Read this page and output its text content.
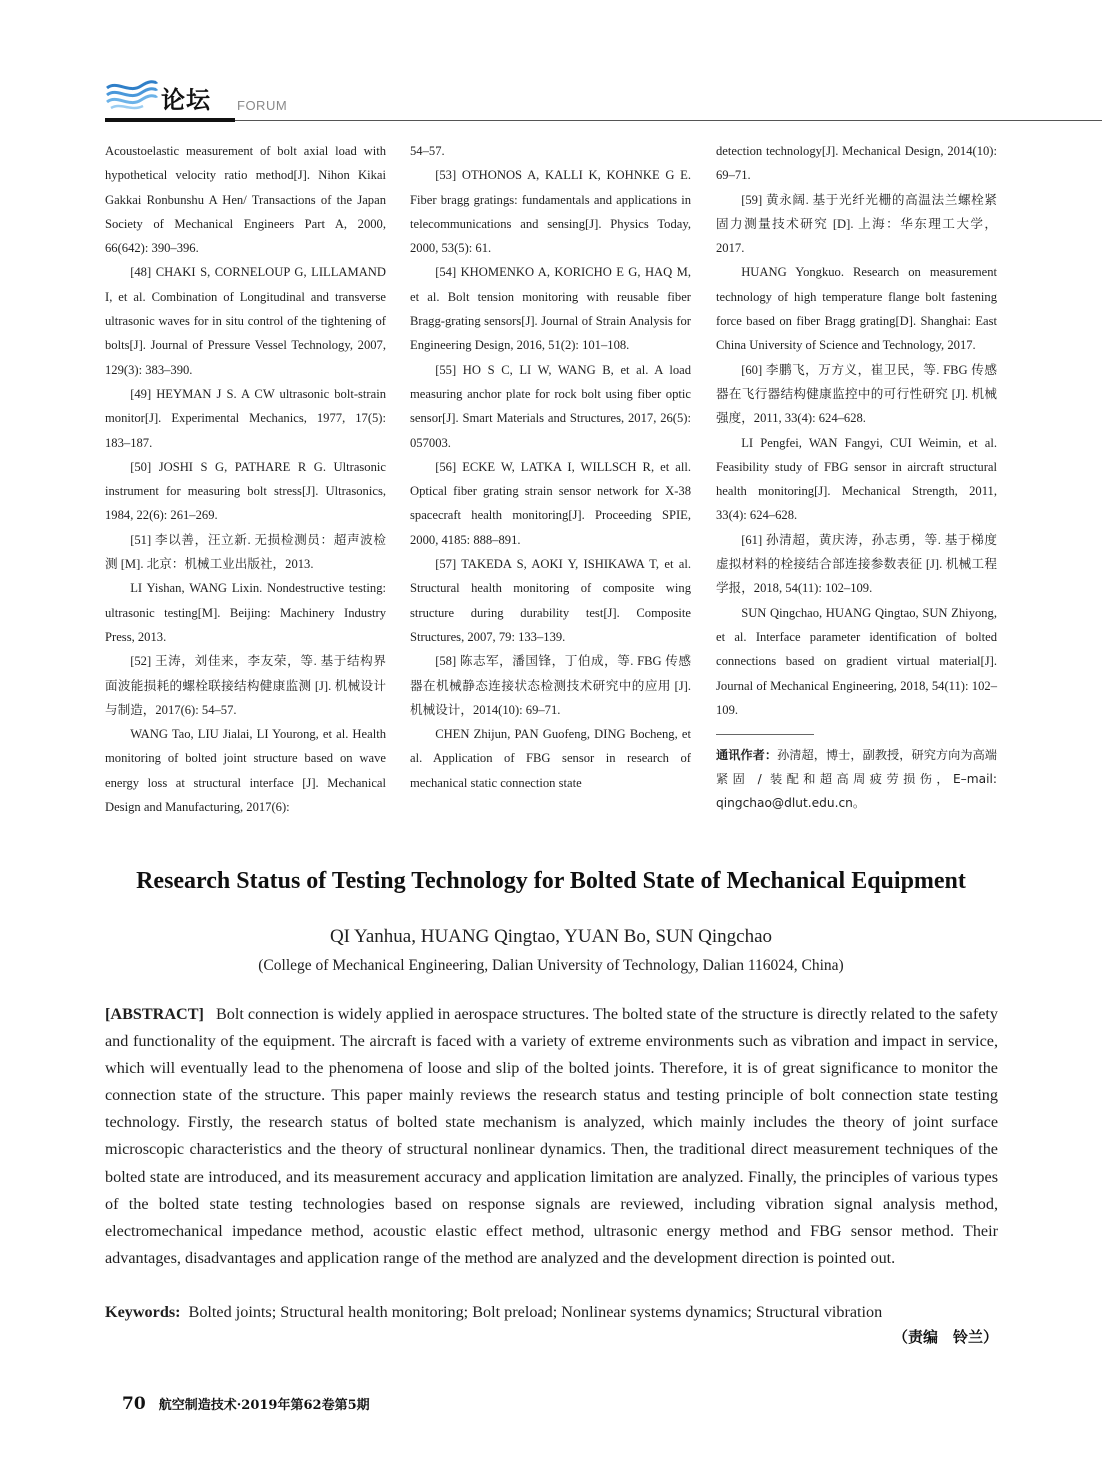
论坛 FORUM

Acoustoelastic measurement of bolt axial load with hypothetical velocity ratio method[J]. Nihon Kikai Gakkai Ronbunshu A Hen/ Transactions of the Japan Society of Mechanical Engineers Part A, 2000, 66(642): 390–396.

[48] CHAKI S, CORNELOUP G, LILLAMAND I, et al. Combination of Longitudinal and transverse ultrasonic waves for in situ control of the tightening of bolts[J]. Journal of Pressure Vessel Technology, 2007, 129(3): 383–390.

[49] HEYMAN J S. A CW ultrasonic bolt-strain monitor[J]. Experimental Mechanics, 1977, 17(5): 183–187.

[50] JOSHI S G, PATHARE R G. Ultrasonic instrument for measuring bolt stress[J]. Ultrasonics, 1984, 22(6): 261–269.

[51] 李以善，汪立新. 无损检测员：超声波检测 [M]. 北京：机械工业出版社，2013.

LI Yishan, WANG Lixin. Nondestructive testing: ultrasonic testing[M]. Beijing: Machinery Industry Press, 2013.

[52] 王涛，刘佳来，李友荣，等. 基于结构界面波能损耗的螺栓联接结构健康监测 [J]. 机械设计与制造，2017(6): 54–57.

WANG Tao, LIU Jialai, LI Yourong, et al. Health monitoring of bolted joint structure based on wave energy loss at structural interface [J]. Mechanical Design and Manufacturing, 2017(6):

54–57.

[53] OTHONOS A, KALLI K, KOHNKE G E. Fiber bragg gratings: fundamentals and applications in telecommunications and sensing[J]. Physics Today, 2000, 53(5): 61.

[54] KHOMENKO A, KORICHO E G, HAQ M, et al. Bolt tension monitoring with reusable fiber Bragg-grating sensors[J]. Journal of Strain Analysis for Engineering Design, 2016, 51(2): 101–108.

[55] HO S C, LI W, WANG B, et al. A load measuring anchor plate for rock bolt using fiber optic sensor[J]. Smart Materials and Structures, 2017, 26(5): 057003.

[56] ECKE W, LATKA I, WILLSCH R, et all. Optical fiber grating strain sensor network for X-38 spacecraft health monitoring[J]. Proceeding SPIE, 2000, 4185: 888–891.

[57] TAKEDA S, AOKI Y, ISHIKAWA T, et al. Structural health monitoring of composite wing structure during durability test[J]. Composite Structures, 2007, 79: 133–139.

[58] 陈志军，潘国锋，丁伯成，等. FBG 传感器在机械静态连接状态检测技术研究中的应用 [J]. 机械设计，2014(10): 69–71.

CHEN Zhijun, PAN Guofeng, DING Bocheng, et al. Application of FBG sensor in research of mechanical static connection state

detection technology[J]. Mechanical Design, 2014(10): 69–71.

[59] 黄永阔. 基于光纤光栅的高温法兰螺栓紧固力测量技术研究 [D]. 上海：华东理工大学，2017.

HUANG Yongkuo. Research on measurement technology of high temperature flange bolt fastening force based on fiber Bragg grating[D]. Shanghai: East China University of Science and Technology, 2017.

[60] 李鹏飞，万方义，崔卫民，等. FBG 传感器在飞行器结构健康监控中的可行性研究 [J]. 机械强度，2011, 33(4): 624–628.

LI Pengfei, WAN Fangyi, CUI Weimin, et al. Feasibility study of FBG sensor in aircraft structural health monitoring[J]. Mechanical Strength, 2011, 33(4): 624–628.

[61] 孙清超，黄庆涛，孙志勇，等. 基于梯度虚拟材料的栓接结合部连接参数表征 [J]. 机械工程学报，2018, 54(11): 102–109.

SUN Qingchao, HUANG Qingtao, SUN Zhiyong, et al. Interface parameter identification of bolted connections based on gradient virtual material[J]. Journal of Mechanical Engineering, 2018, 54(11): 102–109.

通讯作者：孙清超，博士，副教授，研究方向为高端紧固 / 装配和超高周疲劳损伤，E–mail: qingchao@dlut.edu.cn。

Research Status of Testing Technology for Bolted State of Mechanical Equipment
QI Yanhua, HUANG Qingtao, YUAN Bo, SUN Qingchao
(College of Mechanical Engineering, Dalian University of Technology, Dalian 116024, China)

[ABSTRACT] Bolt connection is widely applied in aerospace structures. The bolted state of the structure is directly related to the safety and functionality of the equipment. The aircraft is faced with a variety of extreme environments such as vibration and impact in service, which will eventually lead to the phenomena of loose and slip of the bolted joints. Therefore, it is of great significance to monitor the connection state of the structure. This paper mainly reviews the research status and testing principle of bolt connection state testing technology. Firstly, the research status of bolted state mechanism is analyzed, which mainly includes the theory of joint surface microscopic characteristics and the theory of structural nonlinear dynamics. Then, the traditional direct measurement techniques of the bolted state are introduced, and its measurement accuracy and application limitation are analyzed. Finally, the principles of various types of the bolted state testing technologies based on response signals are reviewed, including vibration signal analysis method, electromechanical impedance method, acoustic elastic effect method, ultrasonic energy method and FBG sensor method. Their advantages, disadvantages and application range of the method are analyzed and the development direction is pointed out.

Keywords: Bolted joints; Structural health monitoring; Bolt preload; Nonlinear systems dynamics; Structural vibration

（责编　铃兰）
70 航空制造技术·2019年第62卷第5期
